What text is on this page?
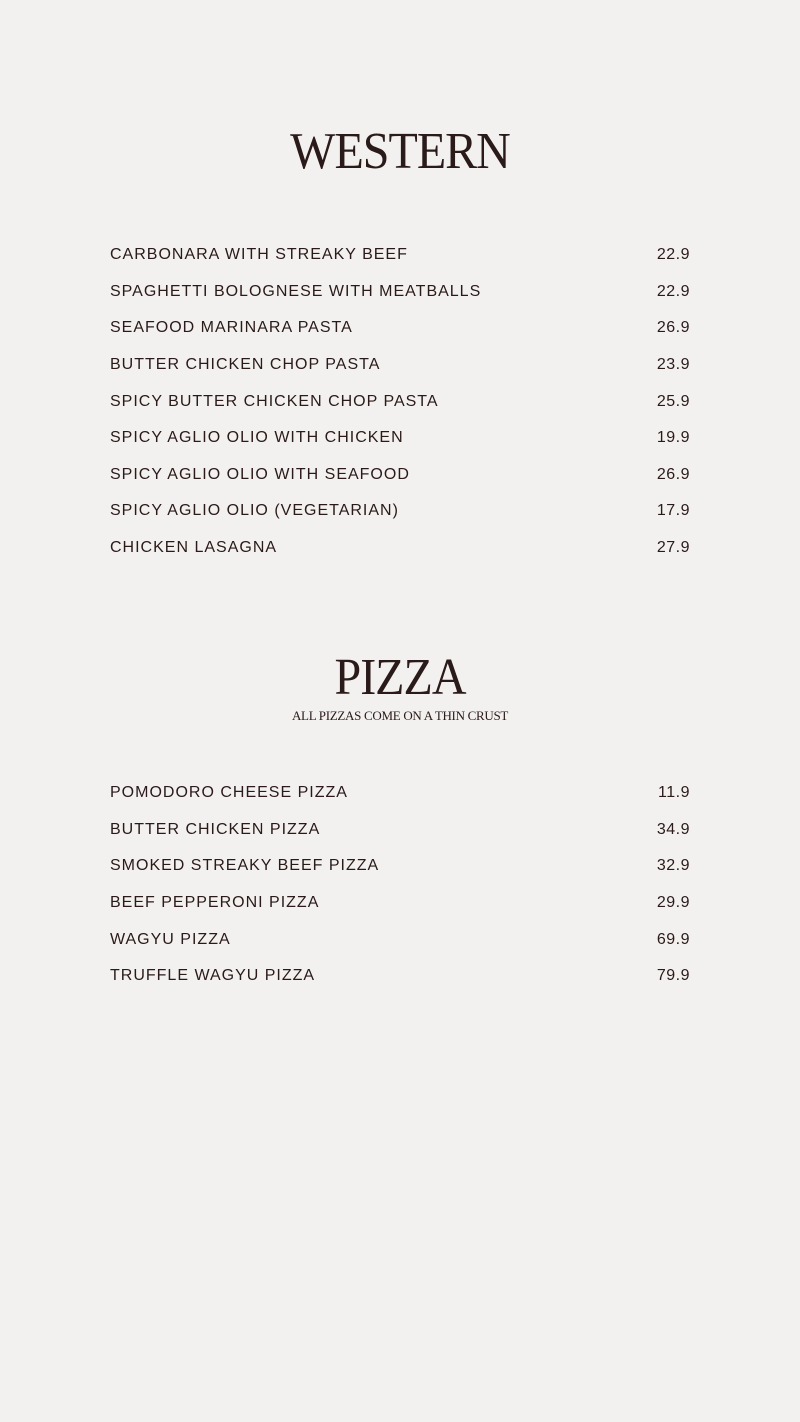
WESTERN
CARBONARA WITH STREAKY BEEF	22.9
SPAGHETTI BOLOGNESE WITH MEATBALLS	22.9
SEAFOOD MARINARA PASTA	26.9
BUTTER CHICKEN CHOP PASTA	23.9
SPICY BUTTER CHICKEN CHOP PASTA	25.9
SPICY AGLIO OLIO WITH CHICKEN	19.9
SPICY AGLIO OLIO WITH SEAFOOD	26.9
SPICY AGLIO OLIO (VEGETARIAN)	17.9
CHICKEN LASAGNA	27.9
PIZZA
ALL PIZZAS COME ON A THIN CRUST
POMODORO CHEESE PIZZA	11.9
BUTTER CHICKEN PIZZA	34.9
SMOKED STREAKY BEEF PIZZA	32.9
BEEF PEPPERONI PIZZA	29.9
WAGYU PIZZA	69.9
TRUFFLE WAGYU PIZZA	79.9
